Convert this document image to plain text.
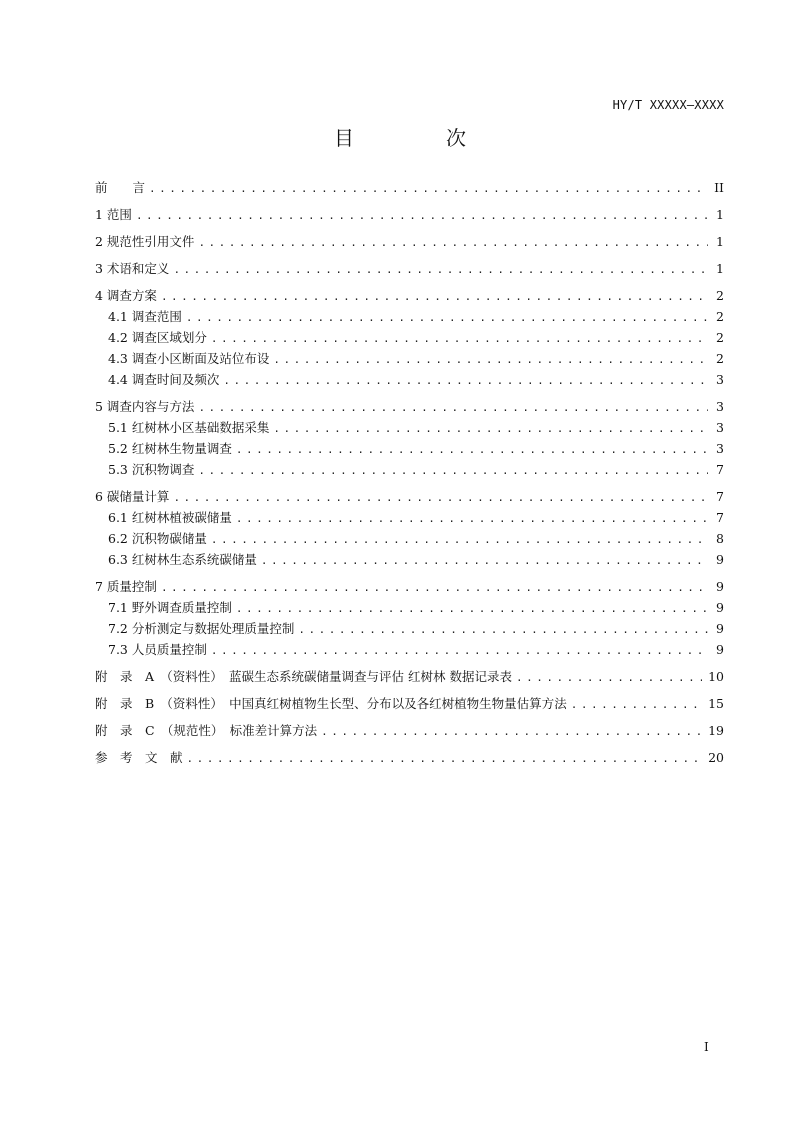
HY/T XXXXX—XXXX
目　次
前　　言 .....	II
1 范围 .....	1
2 规范性引用文件 .....	1
3 术语和定义 .....	1
4 调查方案 .....	2
4.1 调查范围 .....	2
4.2 调查区域划分 .....	2
4.3 调查小区断面及站位布设 .....	2
4.4 调查时间及频次 .....	3
5 调查内容与方法 .....	3
5.1 红树林小区基础数据采集 .....	3
5.2 红树林生物量调查 .....	3
5.3 沉积物调查 .....	7
6 碳储量计算 .....	7
6.1 红树林植被碳储量 .....	7
6.2 沉积物碳储量 .....	8
6.3 红树林生态系统碳储量 .....	9
7 质量控制 .....	9
7.1 野外调查质量控制 .....	9
7.2 分析测定与数据处理质量控制 .....	9
7.3 人员质量控制 .....	9
附　录　A　（资料性）　蓝碳生态系统碳储量调查与评估 红树林 数据记录表 .....	10
附　录　B　（资料性）　中国真红树植物生长型、分布以及各红树植物生物量估算方法 .....	15
附　录　C　（规范性）　标准差计算方法 .....	19
参　考　文　献 .....	20
I
